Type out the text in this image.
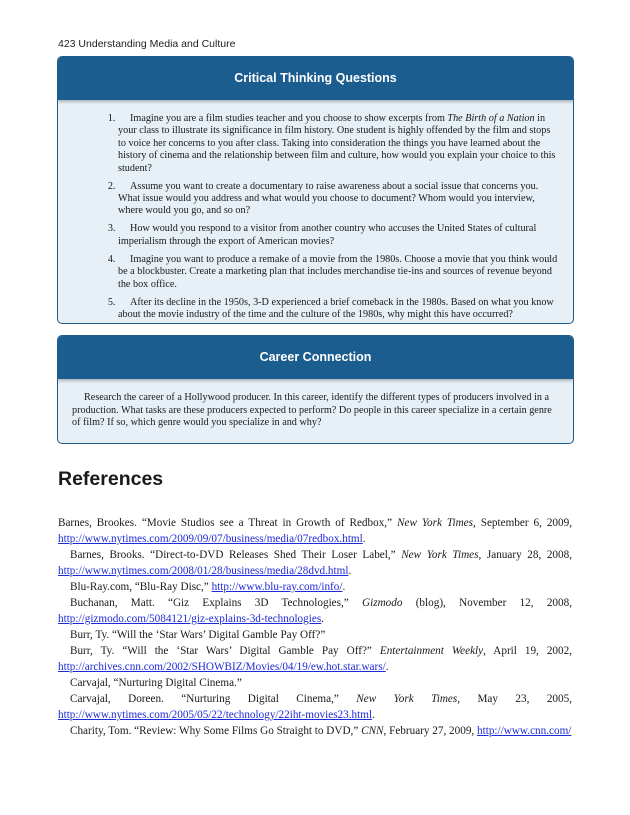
423 Understanding Media and Culture
Critical Thinking Questions
1. Imagine you are a film studies teacher and you choose to show excerpts from The Birth of a Nation in your class to illustrate its significance in film history. One student is highly offended by the film and stops to voice her concerns to you after class. Taking into consideration the things you have learned about the history of cinema and the relationship between film and culture, how would you explain your choice to this student?
2. Assume you want to create a documentary to raise awareness about a social issue that concerns you. What issue would you address and what would you choose to document? Whom would you interview, where would you go, and so on?
3. How would you respond to a visitor from another country who accuses the United States of cultural imperialism through the export of American movies?
4. Imagine you want to produce a remake of a movie from the 1980s. Choose a movie that you think would be a blockbuster. Create a marketing plan that includes merchandise tie-ins and sources of revenue beyond the box office.
5. After its decline in the 1950s, 3-D experienced a brief comeback in the 1980s. Based on what you know about the movie industry of the time and the culture of the 1980s, why might this have occurred?
Career Connection
Research the career of a Hollywood producer. In this career, identify the different types of producers involved in a production. What tasks are these producers expected to perform? Do people in this career specialize in a certain genre of film? If so, which genre would you specialize in and why?
References

Barnes, Brookes. “Movie Studios see a Threat in Growth of Redbox,” New York Times, September 6, 2009, http://www.nytimes.com/2009/09/07/business/media/07redbox.html.

Barnes, Brooks. “Direct-to-DVD Releases Shed Their Loser Label,” New York Times, January 28, 2008, http://www.nytimes.com/2008/01/28/business/media/28dvd.html.

Blu-Ray.com, “Blu-Ray Disc,” http://www.blu-ray.com/info/.

Buchanan, Matt. “Giz Explains 3D Technologies,” Gizmodo (blog), November 12, 2008, http://gizmodo.com/5084121/giz-explains-3d-technologies.

Burr, Ty. “Will the ‘Star Wars’ Digital Gamble Pay Off?”

Burr, Ty. “Will the ‘Star Wars’ Digital Gamble Pay Off?” Entertainment Weekly, April 19, 2002, http://archives.cnn.com/2002/SHOWBIZ/Movies/04/19/ew.hot.star.wars/.

Carvajal, “Nurturing Digital Cinema.”

Carvajal, Doreen. “Nurturing Digital Cinema,” New York Times, May 23, 2005, http://www.nytimes.com/2005/05/22/technology/22iht-movies23.html.

Charity, Tom. “Review: Why Some Films Go Straight to DVD,” CNN, February 27, 2009, http://www.cnn.com/
